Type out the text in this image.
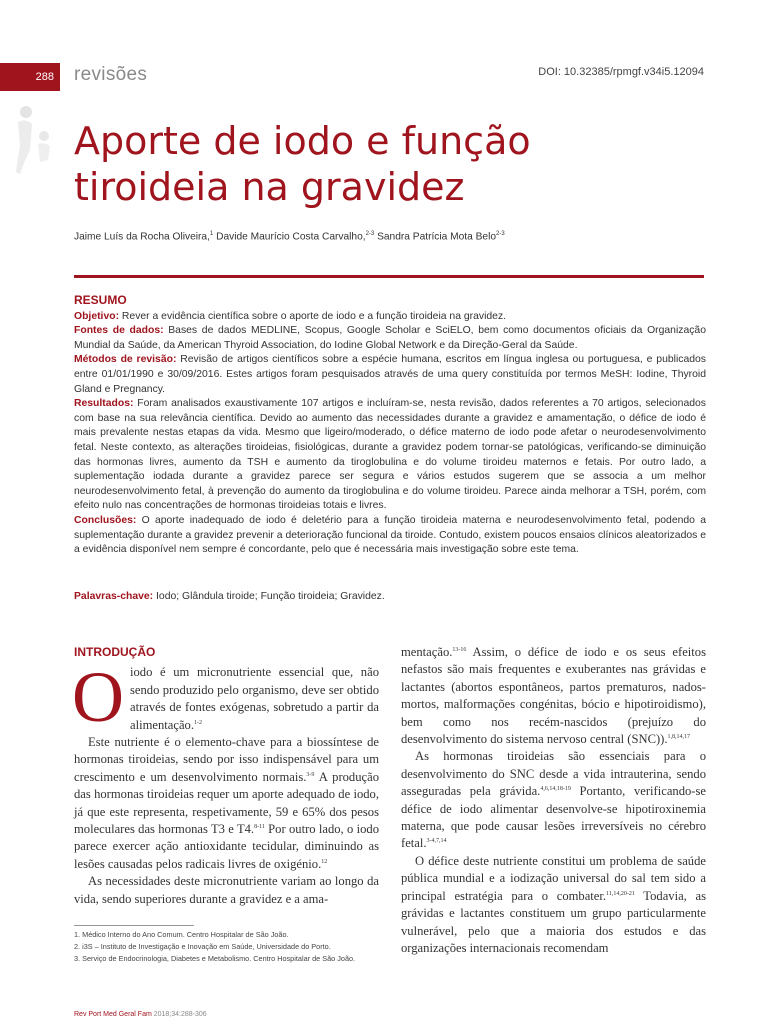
288	revisões	DOI: 10.32385/rpmgf.v34i5.12094
Aporte de iodo e função
tiroideia na gravidez
Jaime Luís da Rocha Oliveira,$^1$ Davide Maurício Costa Carvalho,$^{2-3}$ Sandra Patrícia Mota Belo$^{2-3}$
RESUMO

Objetivo: Rever a evidência científica sobre o aporte de iodo e a função tiroideia na gravidez.

Fontes de dados: Bases de dados MEDLINE, Scopus, Google Scholar e SciELO, bem como documentos oficiais da Organização Mundial da Saúde, da American Thyroid Association, do Iodine Global Network e da Direção-Geral da Saúde.

Métodos de revisão: Revisão de artigos científicos sobre a espécie humana, escritos em língua inglesa ou portuguesa, e publicados entre 01/01/1990 e 30/09/2016. Estes artigos foram pesquisados através de uma query constituída por termos MeSH: Iodine, Thyroid Gland e Pregnancy.

Resultados: Foram analisados exaustivamente 107 artigos e incluíram-se, nesta revisão, dados referentes a 70 artigos, selecionados com base na sua relevância científica. Devido ao aumento das necessidades durante a gravidez e amamentação, o défice de iodo é mais prevalente nestas etapas da vida. Mesmo que ligeiro/moderado, o défice materno de iodo pode afetar o neurodesenvolvimento fetal. Neste contexto, as alterações tiroideias, fisiológicas, durante a gravidez podem tornar-se patológicas, verificando-se diminuição das hormonas livres, aumento da TSH e aumento da tiroglobulina e do volume tiroideu maternos e fetais. Por outro lado, a suplementação iodada durante a gravidez parece ser segura e vários estudos sugerem que se associa a um melhor neurodesenvolvimento fetal, à prevenção do aumento da tiroglobulina e do volume tiroideu. Parece ainda melhorar a TSH, porém, com efeito nulo nas concentrações de hormonas tiroideias totais e livres.

Conclusões: O aporte inadequado de iodo é deletério para a função tiroideia materna e neurodesenvolvimento fetal, podendo a suplementação durante a gravidez prevenir a deterioração funcional da tiroide. Contudo, existem poucos ensaios clínicos aleatorizados e a evidência disponível nem sempre é concordante, pelo que é necessária mais investigação sobre este tema.

Palavras-chave: Iodo; Glândula tiroide; Função tiroideia; Gravidez.
INTRODUÇÃO

Oiodo é um micronutriente essencial que, não sendo produzido pelo organismo, deve ser obtido através de fontes exógenas, sobretudo a partir da alimentação.$^{1-2}$

Este nutriente é o elemento-chave para a biossíntese de hormonas tiroideias, sendo por isso indispensável para um crescimento e um desenvolvimento normais.$^{3-9}$ A produção das hormonas tiroideias requer um aporte adequado de iodo, já que este representa, respetivamente, 59 e 65% dos pesos moleculares das hormonas T3 e T4.$^{8-11}$ Por outro lado, o iodo parece exercer ação antioxidante tecidular, diminuindo as lesões causadas pelos radicais livres de oxigénio.$^{12}$

As necessidades deste micronutriente variam ao longo da vida, sendo superiores durante a gravidez e a ama-

mentação.$^{13-16}$ Assim, o défice de iodo e os seus efeitos nefastos são mais frequentes e exuberantes nas grávidas e lactantes (abortos espontâneos, partos prematuros, nados-mortos, malformações congénitas, bócio e hipotiroidismo), bem como nos recém-nascidos (prejuízo do desenvolvimento do sistema nervoso central (SNC)).$^{1,8,14,17}$

As hormonas tiroideias são essenciais para o desenvolvimento do SNC desde a vida intrauterina, sendo asseguradas pela grávida.$^{4,6,14,18-19}$ Portanto, verificando-se défice de iodo alimentar desenvolve-se hipotiroxinemia materna, que pode causar lesões irreversíveis no cérebro fetal.$^{3-4,7,14}$

O défice deste nutriente constitui um problema de saúde pública mundial e a iodização universal do sal tem sido a principal estratégia para o combater.$^{11,14,20-21}$ Todavia, as grávidas e lactantes constituem um grupo particularmente vulnerável, pelo que a maioria dos estudos e das organizações internacionais recomendam

1. Médico Interno do Ano Comum. Centro Hospitalar de São João.
2. i3S – Instituto de Investigação e Inovação em Saúde, Universidade do Porto.
3. Serviço de Endocrinologia, Diabetes e Metabolismo. Centro Hospitalar de São João.
Rev Port Med Geral Fam 2018;34:288-306
